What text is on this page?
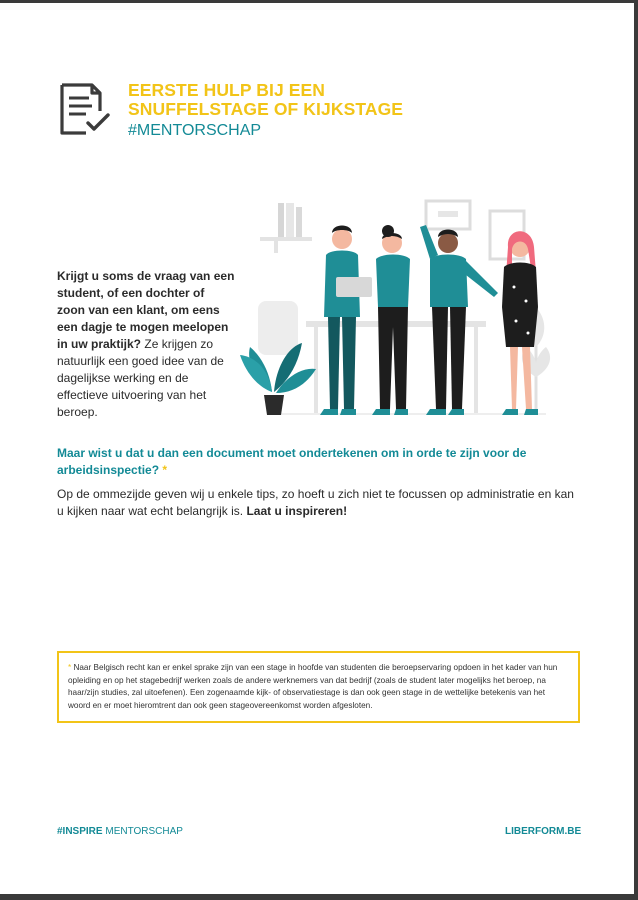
EERSTE HULP BIJ EEN
SNUFFELSTAGE OF KIJKSTAGE
#MENTORSCHAP
Krijgt u soms de vraag van een student, of een dochter of zoon van een klant, om eens een dagje te mogen meelopen in uw praktijk? Ze krijgen zo natuurlijk een goed idee van de dagelijkse werking en de effectieve uitvoering van het beroep.
Maar wist u dat u dan een document moet ondertekenen om in orde te zijn voor de arbeidsinspectie? *
Op de ommezijde geven wij u enkele tips, zo hoeft u zich niet te focussen op administratie en kan u kijken naar wat echt belangrijk is. Laat u inspireren!
* Naar Belgisch recht kan er enkel sprake zijn van een stage in hoofde van studenten die beroepservaring opdoen in het kader van hun opleiding en op het stagebedrijf werken zoals de andere werknemers van dat bedrijf (zoals de student later mogelijks het beroep, na haar/zijn studies, zal uitoefenen). Een zogenaamde kijk- of observatiestage is dan ook geen stage in de wettelijke betekenis van het woord en er moet hieromtrent dan ook geen stageovereenkomst worden afgesloten.
#INSPIRE MENTORSCHAP	LIBERFORM.BE
